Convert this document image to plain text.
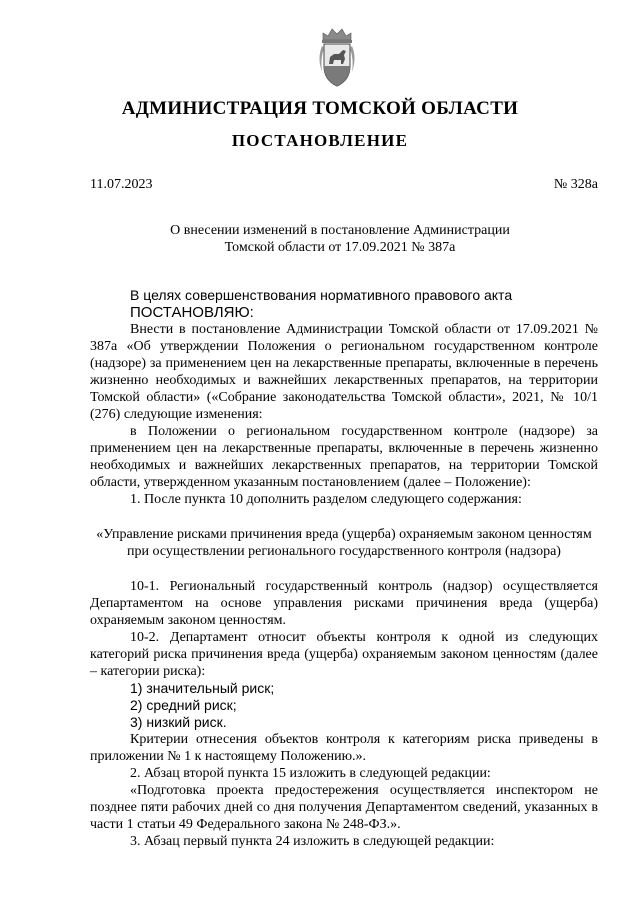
АДМИНИСТРАЦИЯ ТОМСКОЙ ОБЛАСТИ
ПОСТАНОВЛЕНИЕ
11.07.2023	№ 328а
О внесении изменений в постановление Администрации
Томской области от 17.09.2021 № 387а

В целях совершенствования нормативного правового акта

ПОСТАНОВЛЯЮ:

Внести в постановление Администрации Томской области от 17.09.2021 № 387а «Об утверждении Положения о региональном государственном контроле (надзоре) за применением цен на лекарственные препараты, включенные в перечень жизненно необходимых и важнейших лекарственных препаратов, на территории Томской области» («Собрание законодательства Томской области», 2021, № 10/1 (276) следующие изменения:

в Положении о региональном государственном контроле (надзоре) за применением цен на лекарственные препараты, включенные в перечень жизненно необходимых и важнейших лекарственных препаратов, на территории Томской области, утвержденном указанным постановлением (далее – Положение):

1. После пункта 10 дополнить разделом следующего содержания:

«Управление рисками причинения вреда (ущерба) охраняемым законом ценностям
при осуществлении регионального государственного контроля (надзора)

10-1. Региональный государственный контроль (надзор) осуществляется Департаментом на основе управления рисками причинения вреда (ущерба) охраняемым законом ценностям.

10-2. Департамент относит объекты контроля к одной из следующих категорий риска причинения вреда (ущерба) охраняемым законом ценностям (далее – категории риска):

1) значительный риск;

2) средний риск;

3) низкий риск.

Критерии отнесения объектов контроля к категориям риска приведены в приложении № 1 к настоящему Положению.».

2. Абзац второй пункта 15 изложить в следующей редакции:

«Подготовка проекта предостережения осуществляется инспектором не позднее пяти рабочих дней со дня получения Департаментом сведений, указанных в части 1 статьи 49 Федерального закона № 248-ФЗ.».

3. Абзац первый пункта 24 изложить в следующей редакции:
